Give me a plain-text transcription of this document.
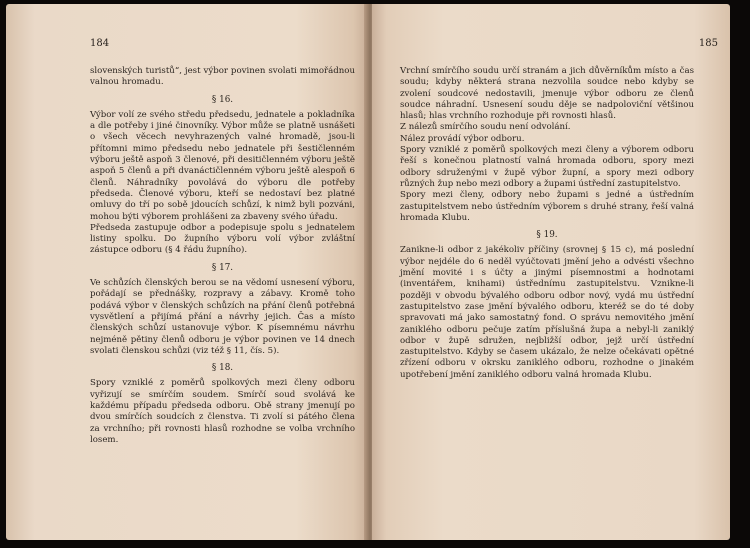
184

slovenských turistů“, jest výbor povinen svolati mimořádnou valnou hromadu.

§ 16.

Výbor volí ze svého středu předsedu, jednatele a pokladníka a dle potřeby i jiné činovníky. Výbor může se platně usnášeti o všech věcech nevyhrazených valné hromadě, jsou-li přítomni mimo předsedu nebo jednatele při šestičlenném výboru ještě aspoň 3 členové, při desitičlenném výboru ještě aspoň 5 členů a při dvanáctičlenném výboru ještě alespoň 6 členů. Náhradníky povolává do výboru dle potřeby předseda. Členové výboru, kteří se nedostaví bez platné omluvy do tří po sobě jdoucích schůzí, k nimž byli pozváni, mohou býti výborem prohlášeni za zbaveny svého úřadu.

Předseda zastupuje odbor a podepisuje spolu s jednatelem listiny spolku. Do župního výboru volí výbor zvláštní zástupce odboru (§ 4 řádu župního).

§ 17.

Ve schůzích členských berou se na vědomí usnesení výboru, pořádají se přednášky, rozpravy a zábavy. Kromě toho podává výbor v členských schůzích na přání členů potřebná vysvětlení a přijímá přání a návrhy jejich. Čas a místo členských schůzí ustanovuje výbor. K písemnému návrhu nejméně pětiny členů odboru je výbor povinen ve 14 dnech svolati členskou schůzi (viz též § 11, čís. 5).

§ 18.

Spory vzniklé z poměrů spolkových mezi členy odboru vyřizují se smírčím soudem. Smírčí soud svolává ke každému případu předseda odboru. Obě strany jmenují po dvou smírčích soudcích z členstva. Ti zvolí si pátého člena za vrchního; při rovnosti hlasů rozhodne se volba vrchního losem.

185

Vrchní smírčího soudu určí stranám a jich důvěrníkům místo a čas soudu; kdyby některá strana nezvolila soudce nebo kdyby se zvolení soudcové nedostavili, jmenuje výbor odboru ze členů soudce náhradní. Usnesení soudu děje se nadpoloviční většinou hlasů; hlas vrchního rozhoduje při rovnosti hlasů.

Z nálezů smírčího soudu není odvolání.

Nález provádí výbor odboru.

Spory vzniklé z poměrů spolkových mezi členy a výborem odboru řeší s konečnou platností valná hromada odboru, spory mezi odbory sdruženými v župě výbor župní, a spory mezi odbory různých žup nebo mezi odbory a župami ústřední zastupitelstvo.

Spory mezi členy, odbory nebo župami s jedné a ústředním zastupitelstvem nebo ústředním výborem s druhé strany, řeší valná hromada Klubu.

§ 19.

Zanikne-li odbor z jakékoliv příčiny (srovnej § 15 c), má poslední výbor nejdéle do 6 neděl vyúčtovati jmění jeho a odvésti všechno jmění movité i s účty a jinými písemnostmi a hodnotami (inventářem, knihami) ústřednímu zastupitelstvu. Vznikne-li později v obvodu bývalého odboru odbor nový, vydá mu ústřední zastupitelstvo zase jmění bývalého odboru, kteréž se do té doby spravovati má jako samostatný fond. O správu nemovitého jmění zaniklého odboru pečuje zatím příslušná župa a nebyl-li zaniklý odbor v župě sdružen, nejbližší odbor, jejž určí ústřední zastupitelstvo. Kdyby se časem ukázalo, že nelze očekávati opětné zřízení odboru v okrsku zaniklého odboru, rozhodne o jinakém upotřebení jmění zaniklého odboru valná hromada Klubu.
